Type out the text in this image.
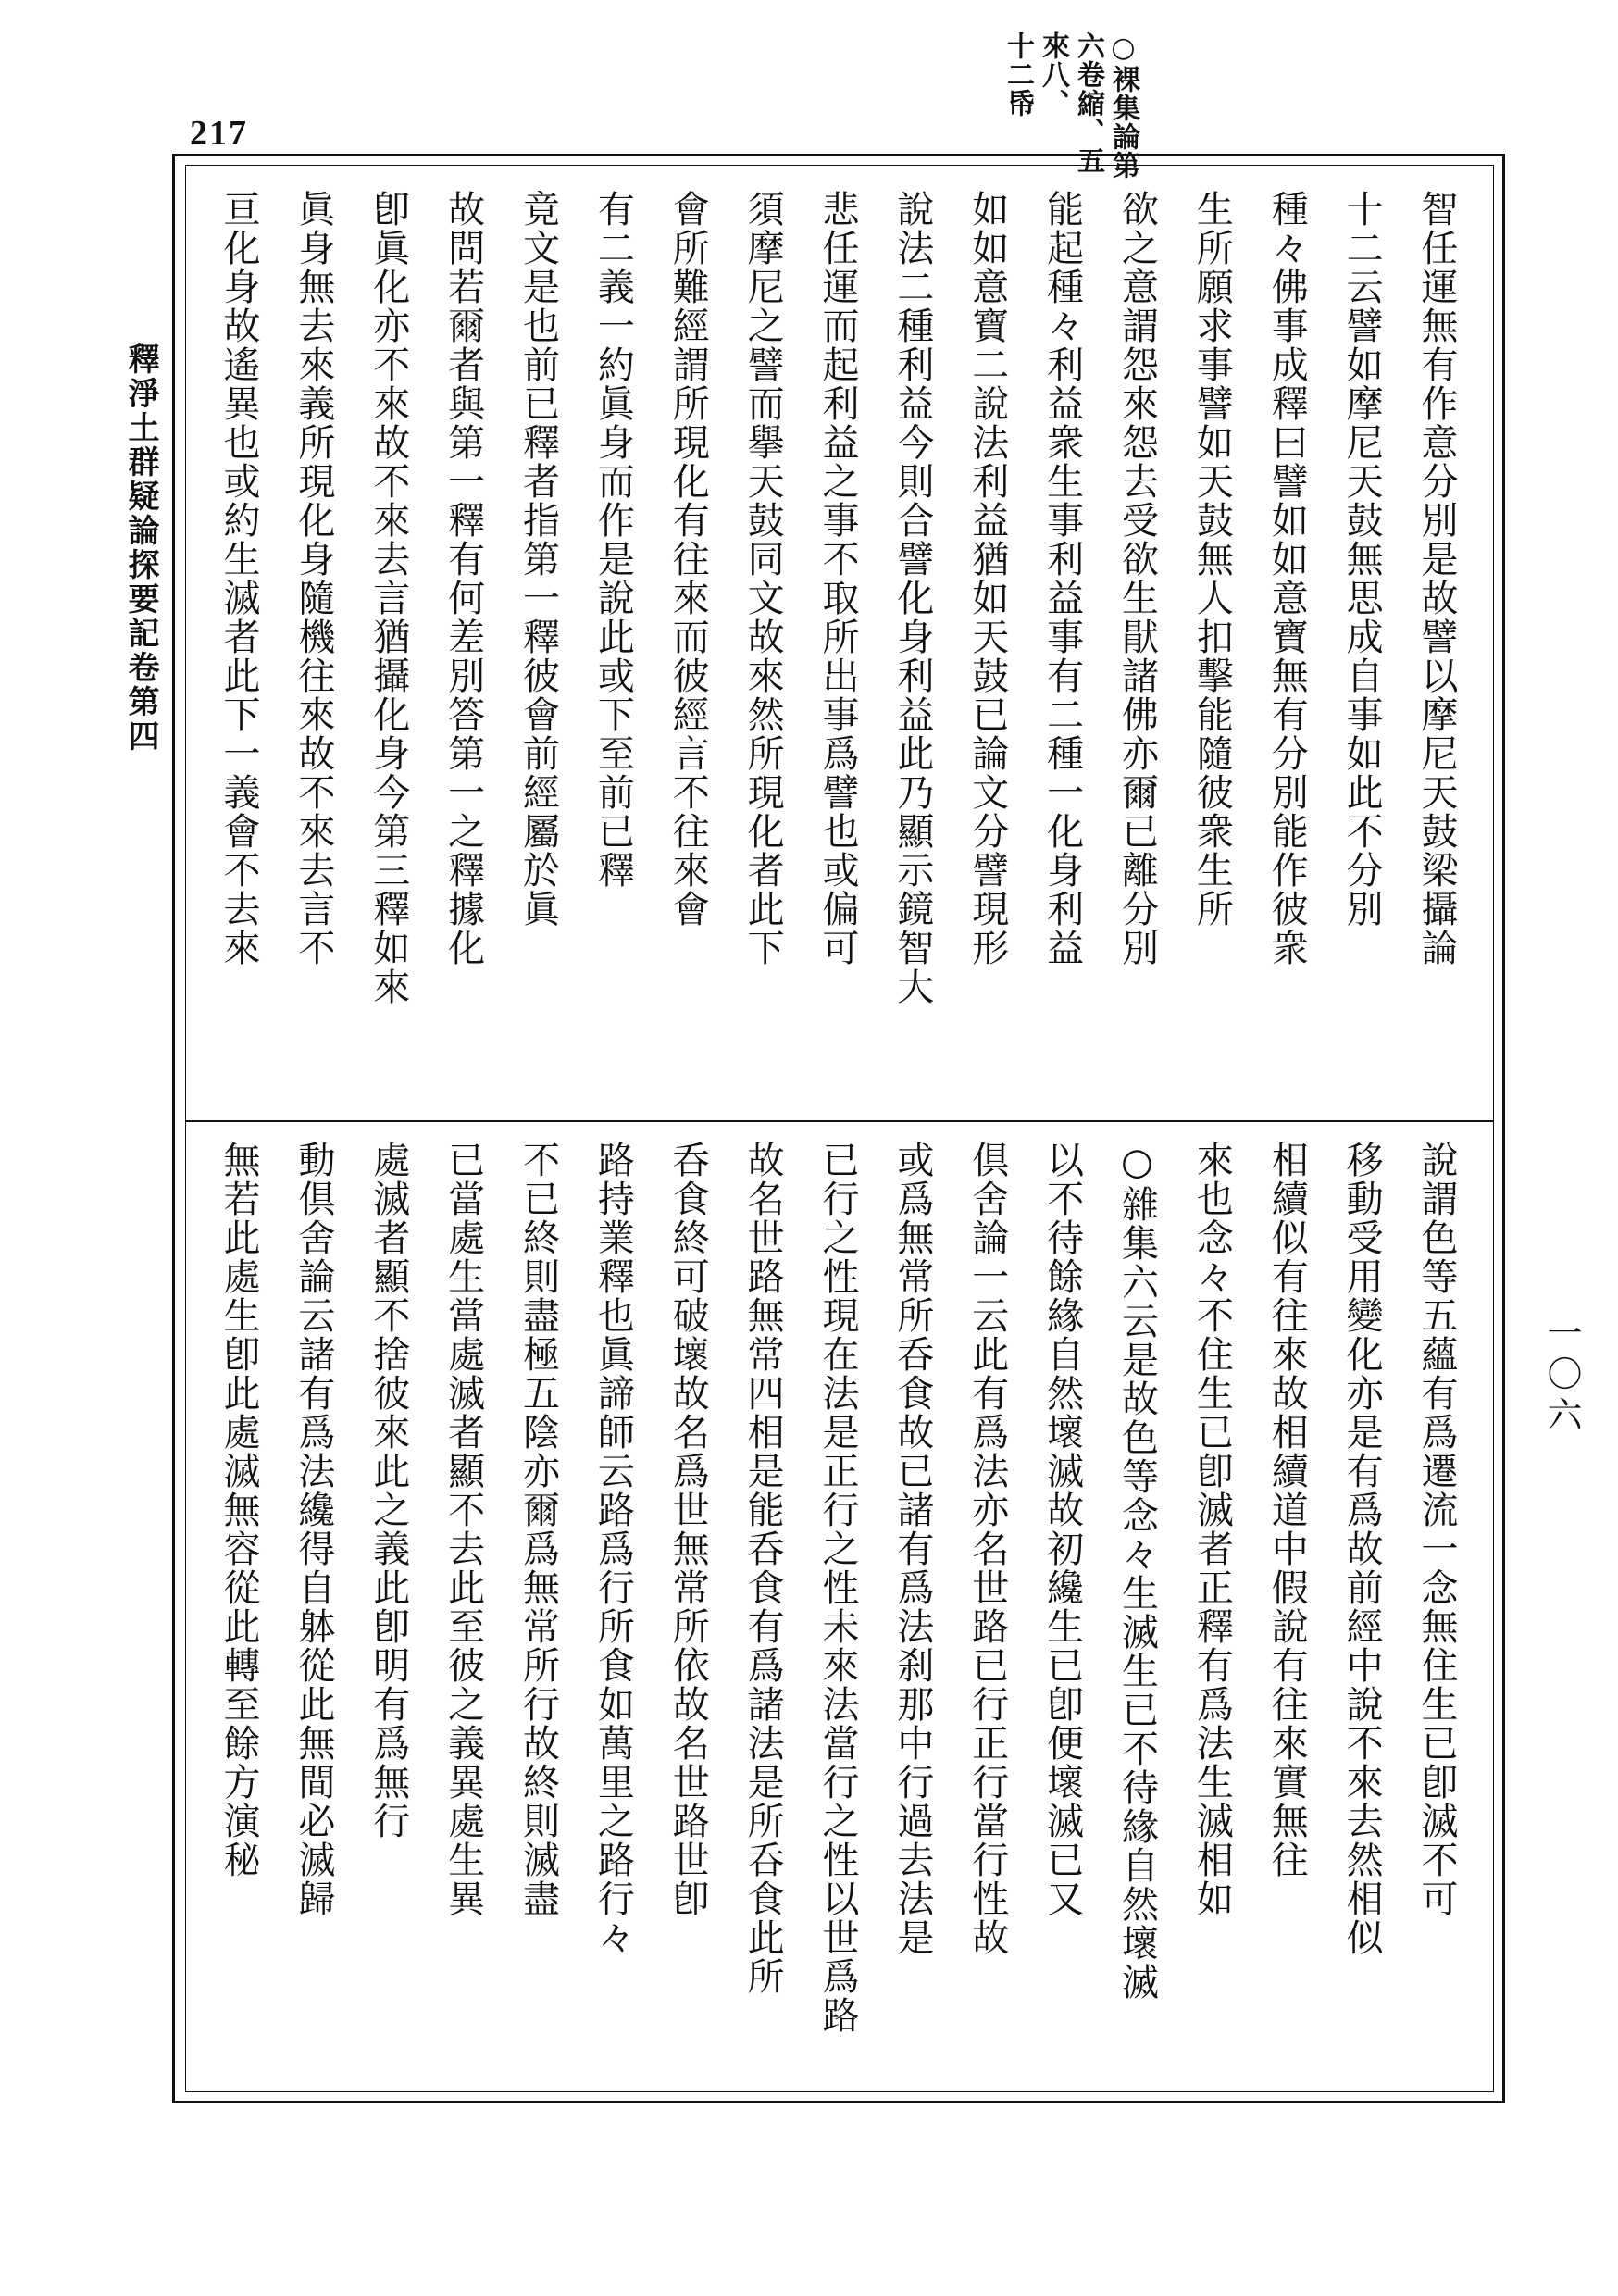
217	○裸集論第
六卷縮、五
來八、
十二帋
釋淨土群疑論探要記卷第四
一〇六
智任運無有作意分別是故譬以摩尼天鼓梁攝論
十二云譬如摩尼天鼓無思成自事如此不分別
種々佛事成釋曰譬如如意寶無有分別能作彼衆
生所願求事譬如天鼓無人扣擊能隨彼衆生所
欲之意謂怨來怨去受欲生猒諸佛亦爾已離分別
能起種々利益衆生事利益事有二種一化身利益
如如意寶二說法利益猶如天鼓已論文分譬現形
說法二種利益今則合譬化身利益此乃顯示鏡智大
悲任運而起利益之事不取所出事爲譬也或偏可
須摩尼之譬而擧天鼓同文故來然所現化者此下
會所難經謂所現化有往來而彼經言不往來會
有二義一約眞身而作是說此或下至前已釋
竟文是也前已釋者指第一釋彼會前經屬於眞
故問若爾者與第一釋有何差別答第一之釋據化
卽眞化亦不來故不來去言猶攝化身今第三釋如來
眞身無去來義所現化身隨機往來故不來去言不
亘化身故遙異也或約生滅者此下一義會不去來
說謂色等五蘊有爲遷流一念無住生已卽滅不可
移動受用變化亦是有爲故前經中說不來去然相似
相續似有往來故相續道中假說有往來實無往
來也念々不住生已卽滅者正釋有爲法生滅相如
○雜集六云是故色等念々生滅生已不待緣自然壞滅
以不待餘緣自然壞滅故初纔生已卽便壞滅已又
倶舍論一云此有爲法亦名世路已行正行當行性故
或爲無常所呑食故已諸有爲法刹那中行過去法是
已行之性現在法是正行之性未來法當行之性以世爲路
故名世路無常四相是能呑食有爲諸法是所呑食此所
呑食終可破壞故名爲世無常所依故名世路世卽
路持業釋也眞諦師云路爲行所食如萬里之路行々
不已終則盡極五陰亦爾爲無常所行故終則滅盡
已當處生當處滅者顯不去此至彼之義異處生異
處滅者顯不捨彼來此之義此卽明有爲無行
動倶舍論云諸有爲法纔得自躰從此無間必滅歸
無若此處生卽此處滅無容從此轉至餘方演秘
